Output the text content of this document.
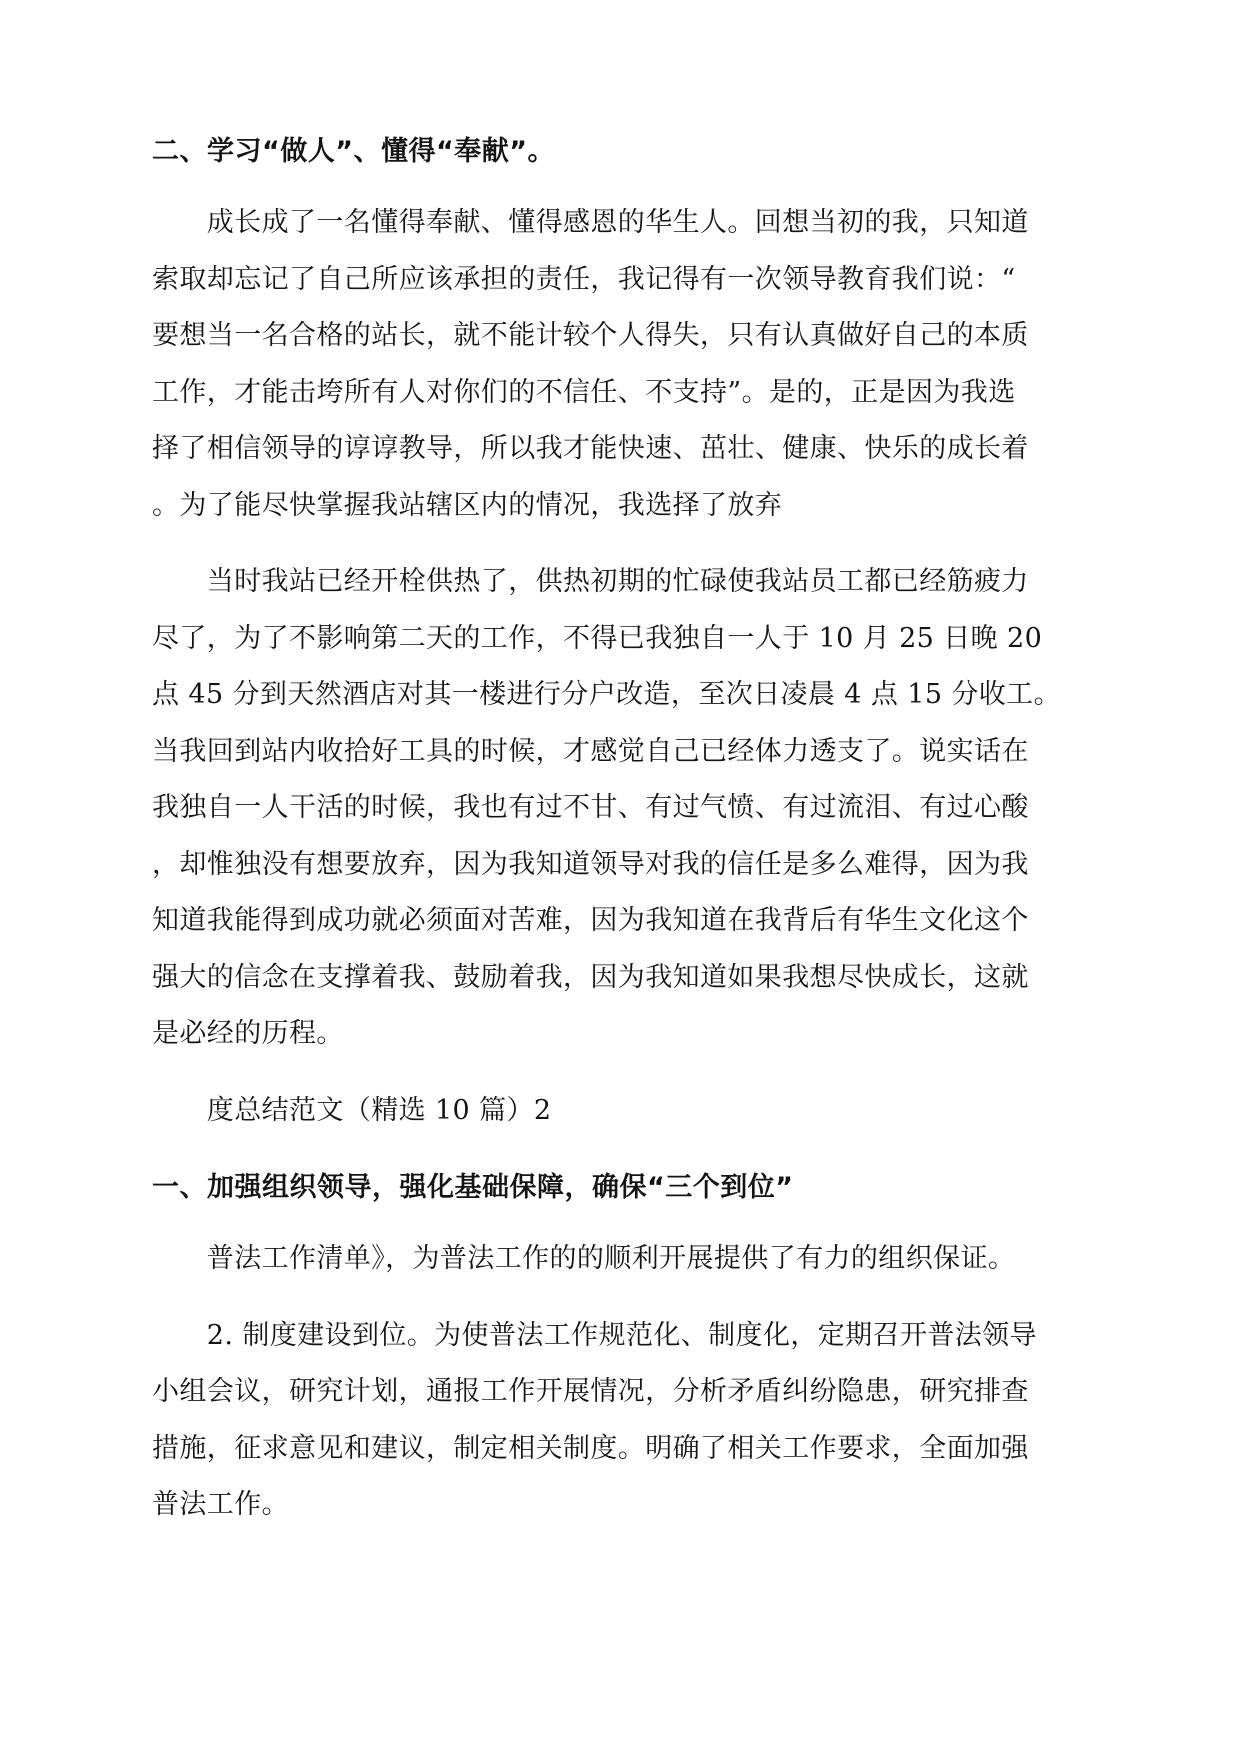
二、学习“做人”、懂得“奉献”。
　　成长成了一名懂得奉献、懂得感恩的华生人。回想当初的我，只知道
索取却忘记了自己所应该承担的责任，我记得有一次领导教育我们说：“
要想当一名合格的站长，就不能计较个人得失，只有认真做好自己的本质
工作，才能击垮所有人对你们的不信任、不支持”。是的，正是因为我选
择了相信领导的谆谆教导，所以我才能快速、茁壮、健康、快乐的成长着
。为了能尽快掌握我站辖区内的情况，我选择了放弃
　　当时我站已经开栓供热了，供热初期的忙碌使我站员工都已经筋疲力
尽了，为了不影响第二天的工作，不得已我独自一人于 10 月 25 日晚 20
点 45 分到天然酒店对其一楼进行分户改造，至次日凌晨 4 点 15 分收工。
当我回到站内收拾好工具的时候，才感觉自己已经体力透支了。说实话在
我独自一人干活的时候，我也有过不甘、有过气愤、有过流泪、有过心酸
，却惟独没有想要放弃，因为我知道领导对我的信任是多么难得，因为我
知道我能得到成功就必须面对苦难，因为我知道在我背后有华生文化这个
强大的信念在支撑着我、鼓励着我，因为我知道如果我想尽快成长，这就
是必经的历程。
　　度总结范文（精选 10 篇）2
一、加强组织领导，强化基础保障，确保“三个到位”
　　普法工作清单》，为普法工作的的顺利开展提供了有力的组织保证。
　　2. 制度建设到位。为使普法工作规范化、制度化，定期召开普法领导
小组会议，研究计划，通报工作开展情况，分析矛盾纠纷隐患，研究排查
措施，征求意见和建议，制定相关制度。明确了相关工作要求，全面加强
普法工作。
